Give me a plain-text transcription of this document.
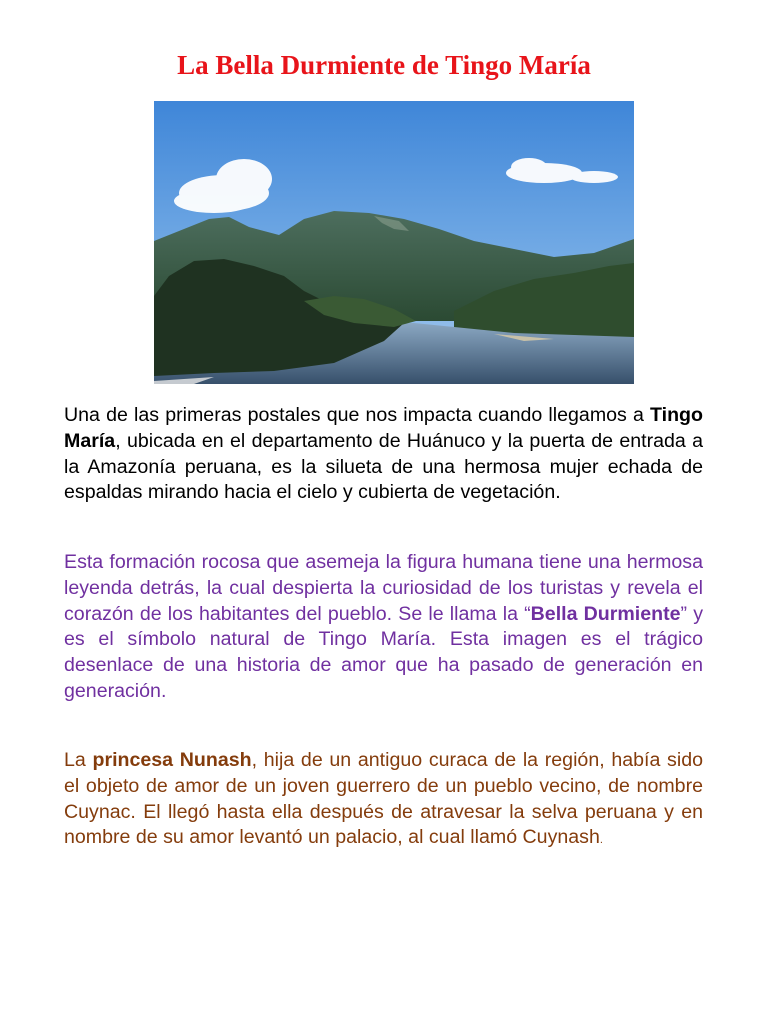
La Bella Durmiente de Tingo María

Una de las primeras postales que nos impacta cuando llegamos a Tingo María, ubicada en el departamento de Huánuco y la puerta de entrada a la Amazonía peruana, es la silueta de una hermosa mujer echada de espaldas mirando hacia el cielo y cubierta de vegetación.

Esta formación rocosa que asemeja la figura humana tiene una hermosa leyenda detrás, la cual despierta la curiosidad de los turistas y revela el corazón de los habitantes del pueblo. Se le llama la “Bella Durmiente” y es el símbolo natural de Tingo María. Esta imagen es el trágico desenlace de una historia de amor que ha pasado de generación en generación.

La princesa Nunash, hija de un antiguo curaca de la región, había sido el objeto de amor de un joven guerrero de un pueblo vecino, de nombre Cuynac. El llegó hasta ella después de atravesar la selva peruana y en nombre de su amor levantó un palacio, al cual llamó Cuynash.
